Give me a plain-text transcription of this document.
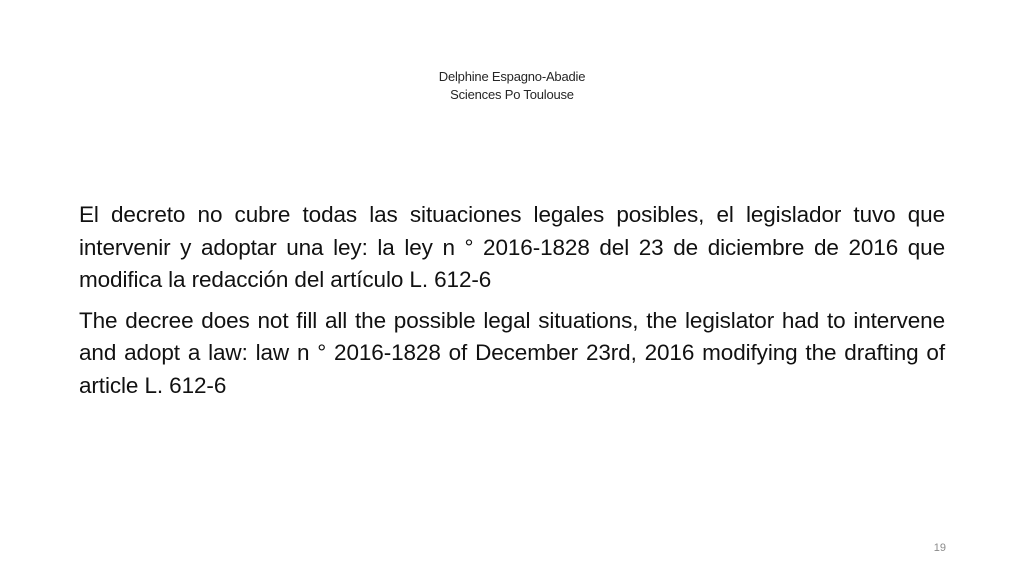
Delphine Espagno-Abadie
Sciences Po Toulouse

El decreto no cubre todas las situaciones legales posibles, el legislador tuvo que intervenir y adoptar una ley: la ley n ° 2016-1828 del 23 de diciembre de 2016 que modifica la redacción del artículo L. 612-6

The decree does not fill all the possible legal situations, the legislator had to intervene and adopt a law: law n ° 2016-1828 of December 23rd, 2016 modifying the drafting of article L. 612-6

19
